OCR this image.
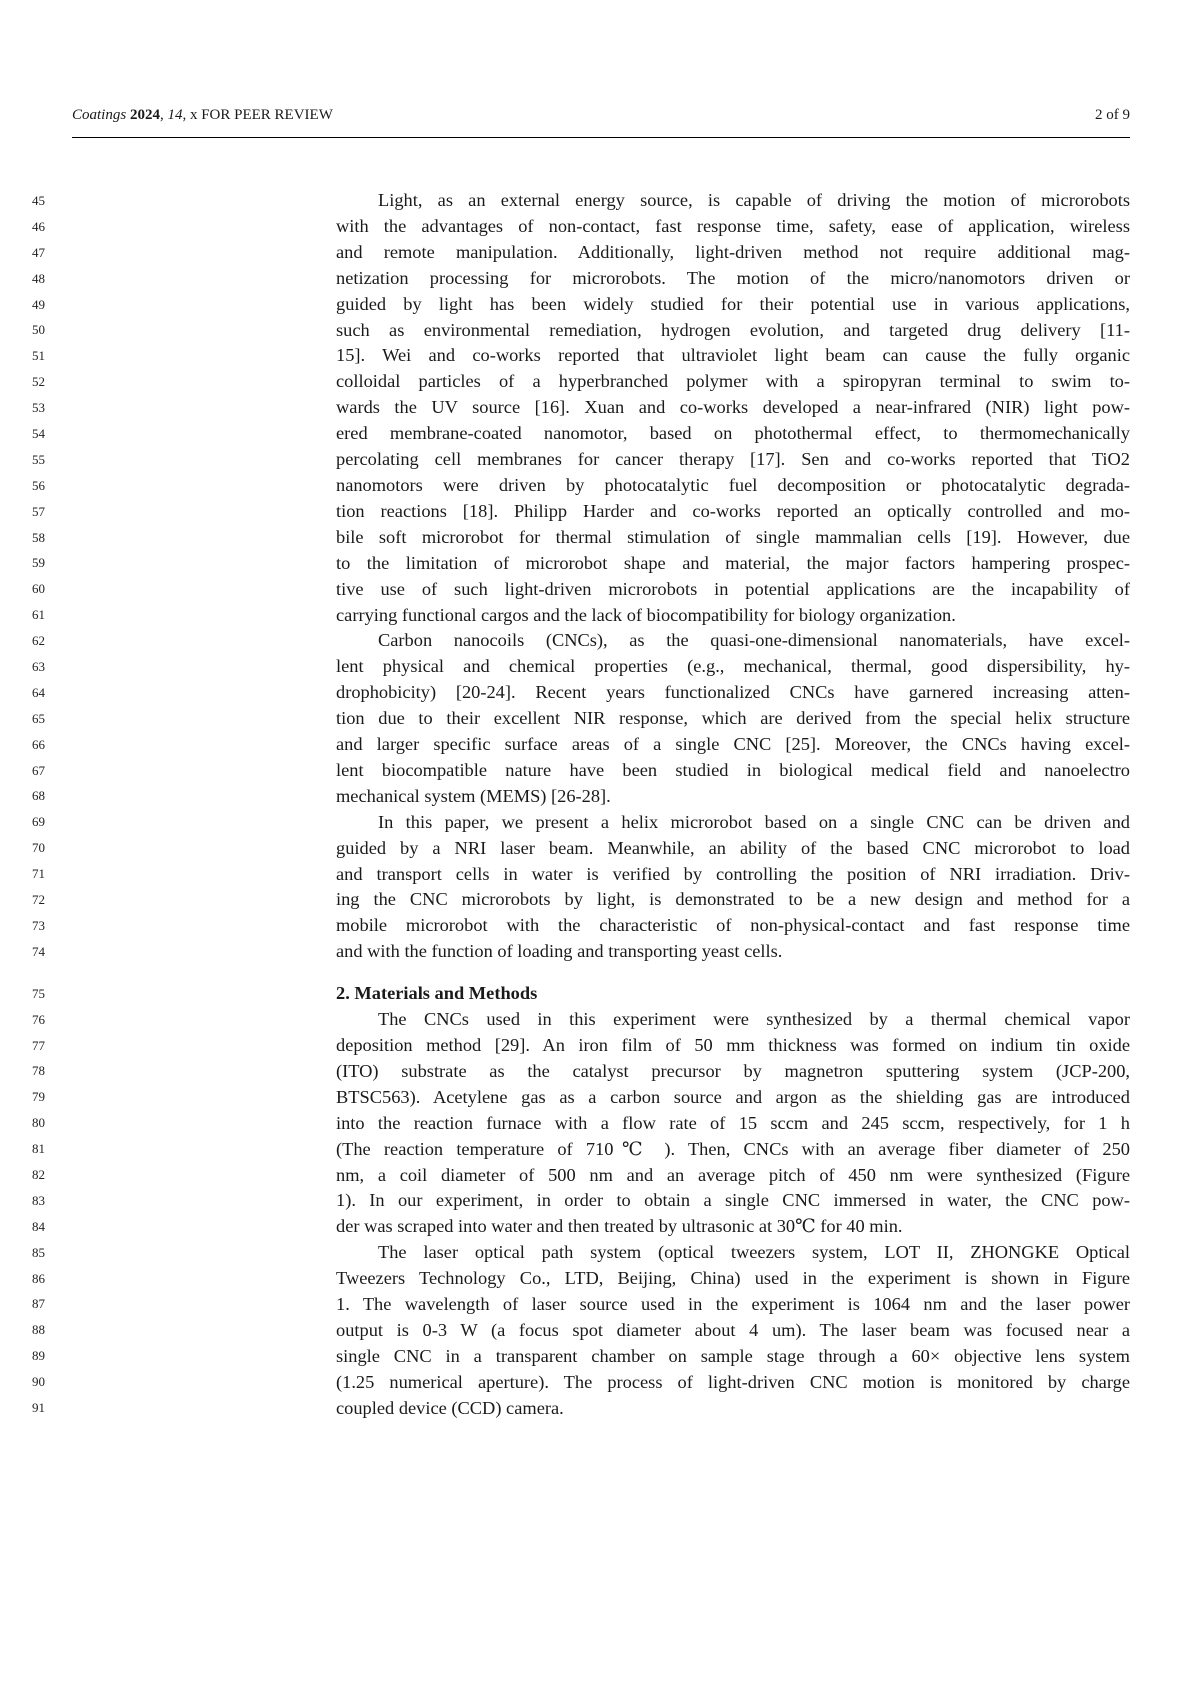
Coatings 2024, 14, x FOR PEER REVIEW	2 of 9
45
46
47
48
49
50
51
52
53
54
55
56
57
58
59
60
61
62
63
64
65
66
67
68
69
70
71
72
73
74
75
76
77
78
79
80
81
82
83
84
85
86
87
88
89
90
91
Light, as an external energy source, is capable of driving the motion of microrobots
with the advantages of non-contact, fast response time, safety, ease of application, wireless
and remote manipulation. Additionally, light-driven method not require additional mag-
netization processing for microrobots. The motion of the micro/nanomotors driven or
guided by light has been widely studied for their potential use in various applications,
such as environmental remediation, hydrogen evolution, and targeted drug delivery [11-
15]. Wei and co-works reported that ultraviolet light beam can cause the fully organic
colloidal particles of a hyperbranched polymer with a spiropyran terminal to swim to-
wards the UV source [16]. Xuan and co-works developed a near-infrared (NIR) light pow-
ered membrane-coated nanomotor, based on photothermal effect, to thermomechanically
percolating cell membranes for cancer therapy [17]. Sen and co-works reported that TiO2
nanomotors were driven by photocatalytic fuel decomposition or photocatalytic degrada-
tion reactions [18]. Philipp Harder and co-works reported an optically controlled and mo-
bile soft microrobot for thermal stimulation of single mammalian cells [19]. However, due
to the limitation of microrobot shape and material, the major factors hampering prospec-
tive use of such light-driven microrobots in potential applications are the incapability of
carrying functional cargos and the lack of biocompatibility for biology organization.
Carbon nanocoils (CNCs), as the quasi-one-dimensional nanomaterials, have excel-
lent physical and chemical properties (e.g., mechanical, thermal, good dispersibility, hy-
drophobicity) [20-24]. Recent years functionalized CNCs have garnered increasing atten-
tion due to their excellent NIR response, which are derived from the special helix structure
and larger specific surface areas of a single CNC [25]. Moreover, the CNCs having excel-
lent biocompatible nature have been studied in biological medical field and nanoelectro
mechanical system (MEMS) [26-28].
In this paper, we present a helix microrobot based on a single CNC can be driven and
guided by a NRI laser beam. Meanwhile, an ability of the based CNC microrobot to load
and transport cells in water is verified by controlling the position of NRI irradiation. Driv-
ing the CNC microrobots by light, is demonstrated to be a new design and method for a
mobile microrobot with the characteristic of non-physical-contact and fast response time
and with the function of loading and transporting yeast cells.
2. Materials and Methods
The CNCs used in this experiment were synthesized by a thermal chemical vapor
deposition method [29]. An iron film of 50 mm thickness was formed on indium tin oxide
(ITO) substrate as the catalyst precursor by magnetron sputtering system (JCP-200,
BTSC563). Acetylene gas as a carbon source and argon as the shielding gas are introduced
into the reaction furnace with a flow rate of 15 sccm and 245 sccm, respectively, for 1 h
(The reaction temperature of 710℃ ). Then, CNCs with an average fiber diameter of 250
nm, a coil diameter of 500 nm and an average pitch of 450 nm were synthesized (Figure
1). In our experiment, in order to obtain a single CNC immersed in water, the CNC pow-
der was scraped into water and then treated by ultrasonic at 30℃ for 40 min.
The laser optical path system (optical tweezers system, LOT II, ZHONGKE Optical
Tweezers Technology Co., LTD, Beijing, China) used in the experiment is shown in Figure
1. The wavelength of laser source used in the experiment is 1064 nm and the laser power
output is 0-3 W (a focus spot diameter about 4 um). The laser beam was focused near a
single CNC in a transparent chamber on sample stage through a 60× objective lens system
(1.25 numerical aperture). The process of light-driven CNC motion is monitored by charge
coupled device (CCD) camera.
